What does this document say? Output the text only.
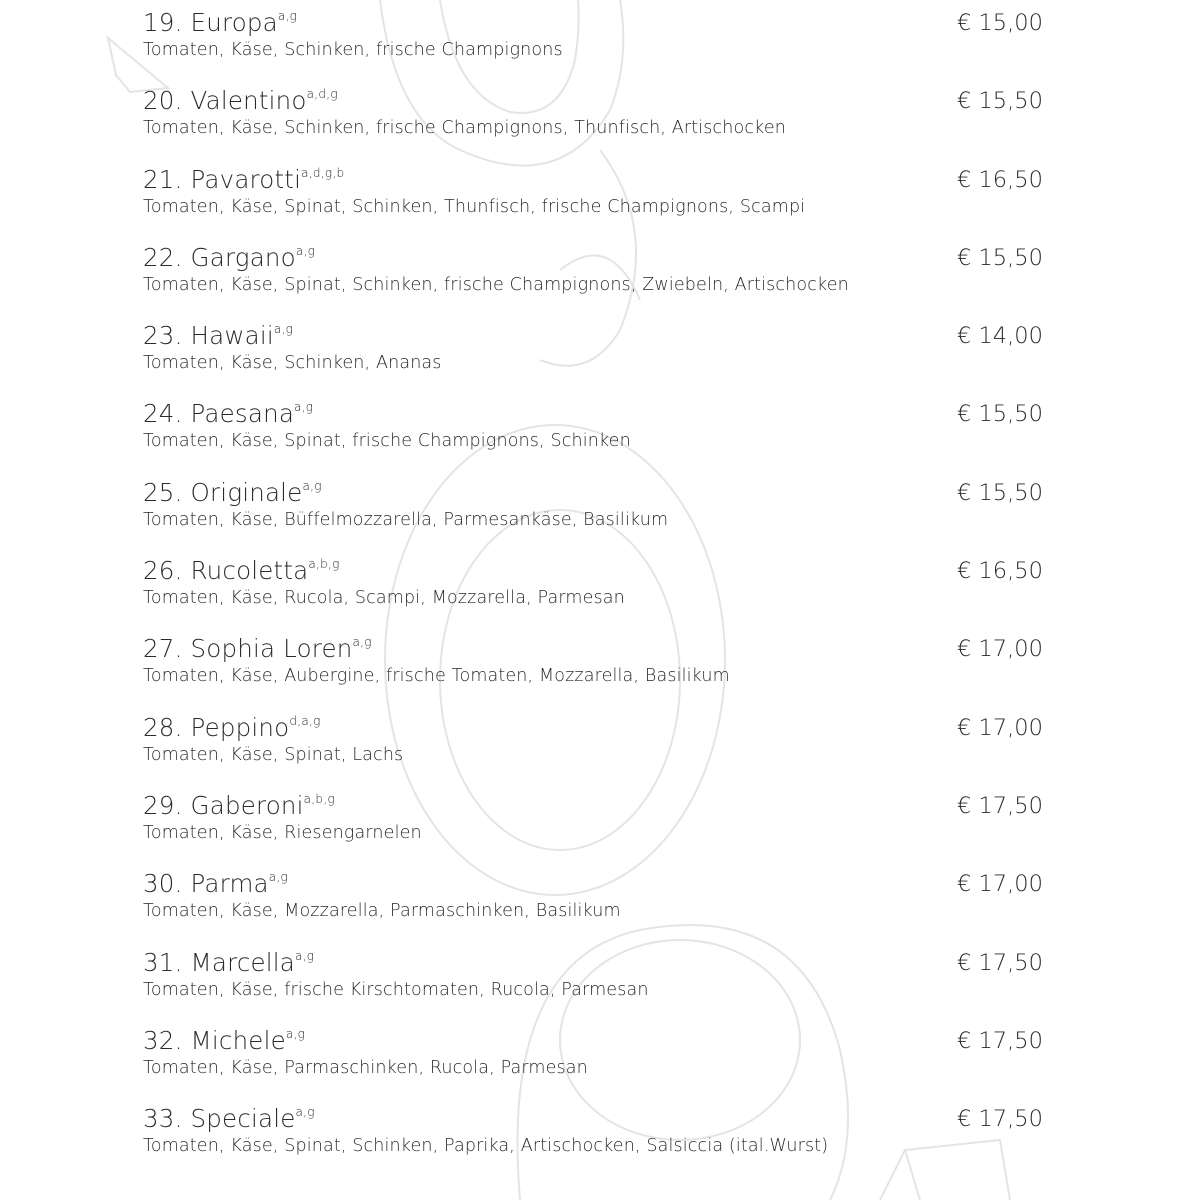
19. Europa$^{a,g}$
Tomaten, Käse, Schinken, frische Champignons
€ 15,00
20. Valentino$^{a,d,g}$
Tomaten, Käse, Schinken, frische Champignons, Thunfisch, Artischocken
€ 15,50
21. Pavarotti$^{a,d,g,b}$
Tomaten, Käse, Spinat, Schinken, Thunfisch, frische Champignons, Scampi
€ 16,50
22. Gargano$^{a,g}$
Tomaten, Käse, Spinat, Schinken, frische Champignons, Zwiebeln, Artischocken
€ 15,50
23. Hawaii$^{a,g}$
Tomaten, Käse, Schinken, Ananas
€ 14,00
24. Paesana$^{a,g}$
Tomaten, Käse, Spinat, frische Champignons, Schinken
€ 15,50
25. Originale$^{a,g}$
Tomaten, Käse, Büffelmozzarella, Parmesankäse, Basilikum
€ 15,50
26. Rucoletta$^{a,b,g}$
Tomaten, Käse, Rucola, Scampi, Mozzarella, Parmesan
€ 16,50
27. Sophia Loren$^{a,g}$
Tomaten, Käse, Aubergine, frische Tomaten, Mozzarella, Basilikum
€ 17,00
28. Peppino$^{d,a,g}$
Tomaten, Käse, Spinat, Lachs
€ 17,00
29. Gaberoni$^{a,b,g}$
Tomaten, Käse, Riesengarnelen
€ 17,50
30. Parma$^{a,g}$
Tomaten, Käse, Mozzarella, Parmaschinken, Basilikum
€ 17,00
31. Marcella$^{a,g}$
Tomaten, Käse, frische Kirschtomaten, Rucola, Parmesan
€ 17,50
32. Michele$^{a,g}$
Tomaten, Käse, Parmaschinken, Rucola, Parmesan
€ 17,50
33. Speciale$^{a,g}$
Tomaten, Käse, Spinat, Schinken, Paprika, Artischocken, Salsiccia (ital.Wurst)
€ 17,50
